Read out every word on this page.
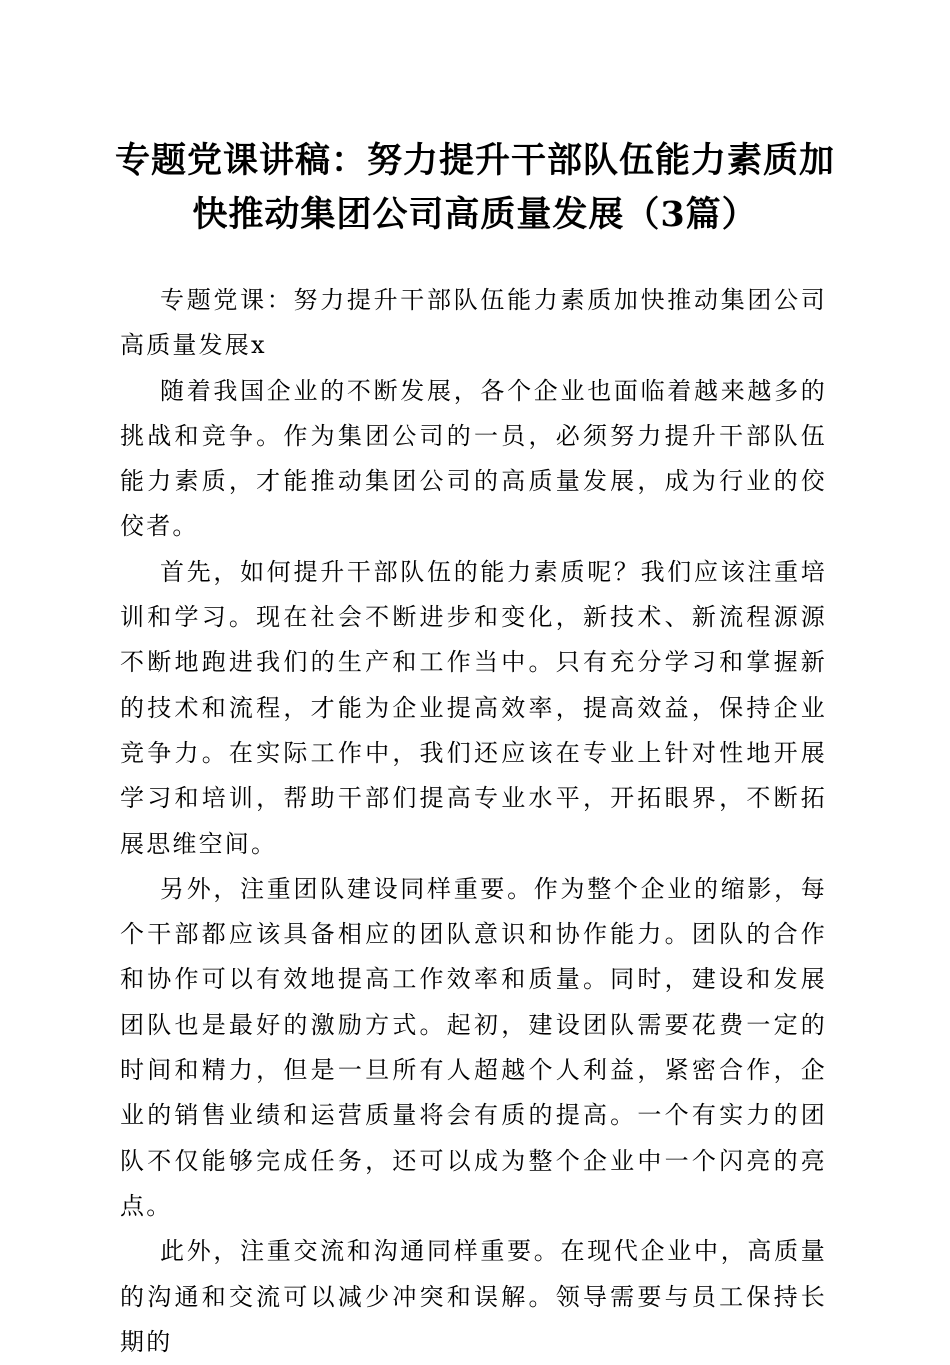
专题党课讲稿：努力提升干部队伍能力素质加
快推动集团公司高质量发展（3篇）

专题党课：努力提升干部队伍能力素质加快推动集团公司高质量发展x

随着我国企业的不断发展，各个企业也面临着越来越多的挑战和竞争。作为集团公司的一员，必须努力提升干部队伍能力素质，才能推动集团公司的高质量发展，成为行业的佼佼者。

首先，如何提升干部队伍的能力素质呢？我们应该注重培训和学习。现在社会不断进步和变化，新技术、新流程源源不断地跑进我们的生产和工作当中。只有充分学习和掌握新的技术和流程，才能为企业提高效率，提高效益，保持企业竞争力。在实际工作中，我们还应该在专业上针对性地开展学习和培训，帮助干部们提高专业水平，开拓眼界，不断拓展思维空间。

另外，注重团队建设同样重要。作为整个企业的缩影，每个干部都应该具备相应的团队意识和协作能力。团队的合作和协作可以有效地提高工作效率和质量。同时，建设和发展团队也是最好的激励方式。起初，建设团队需要花费一定的时间和精力，但是一旦所有人超越个人利益，紧密合作，企业的销售业绩和运营质量将会有质的提高。一个有实力的团队不仅能够完成任务，还可以成为整个企业中一个闪亮的亮点。

此外，注重交流和沟通同样重要。在现代企业中，高质量的沟通和交流可以减少冲突和误解。领导需要与员工保持长期的
